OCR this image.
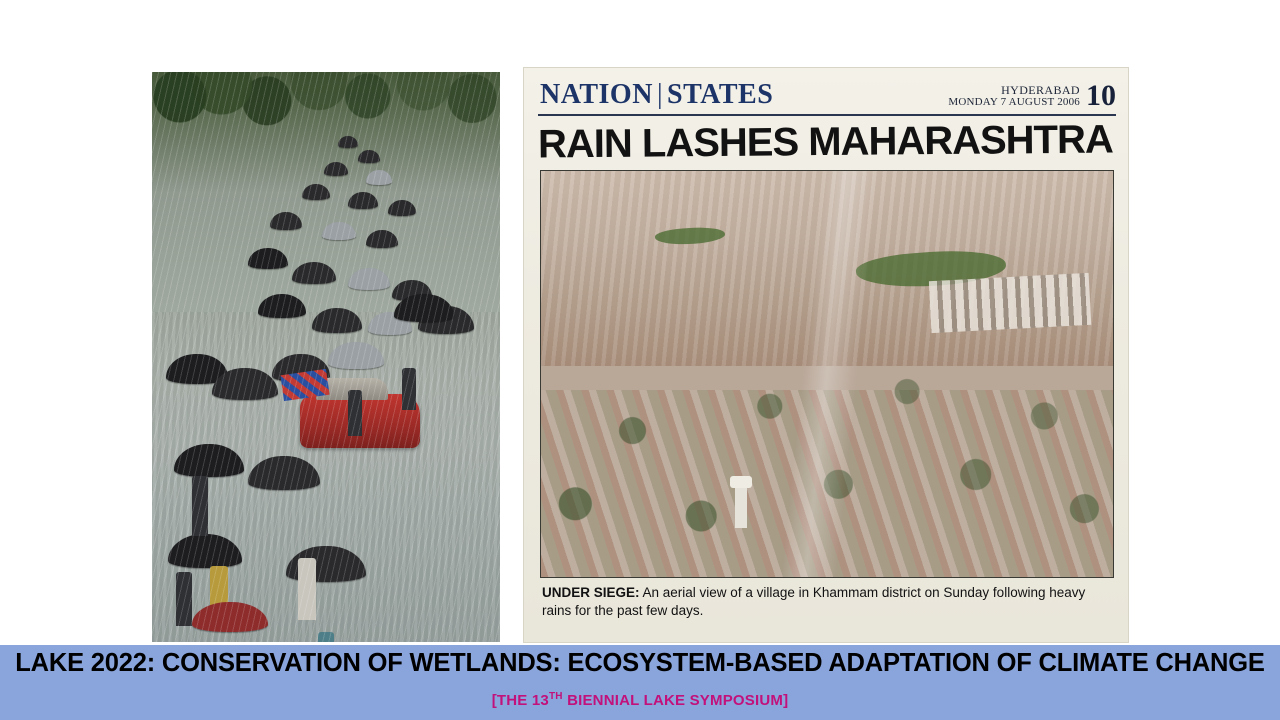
NATION | STATES	HYDERABAD
MONDAY 7 AUGUST 2006 10
RAIN LASHES MAHARASHTRA
UNDER SIEGE: An aerial view of a village in Khammam district on Sunday following heavy rains for the past few days.
LAKE 2022: CONSERVATION OF WETLANDS: ECOSYSTEM-BASED ADAPTATION OF CLIMATE CHANGE
[THE 13TH BIENNIAL LAKE SYMPOSIUM]
